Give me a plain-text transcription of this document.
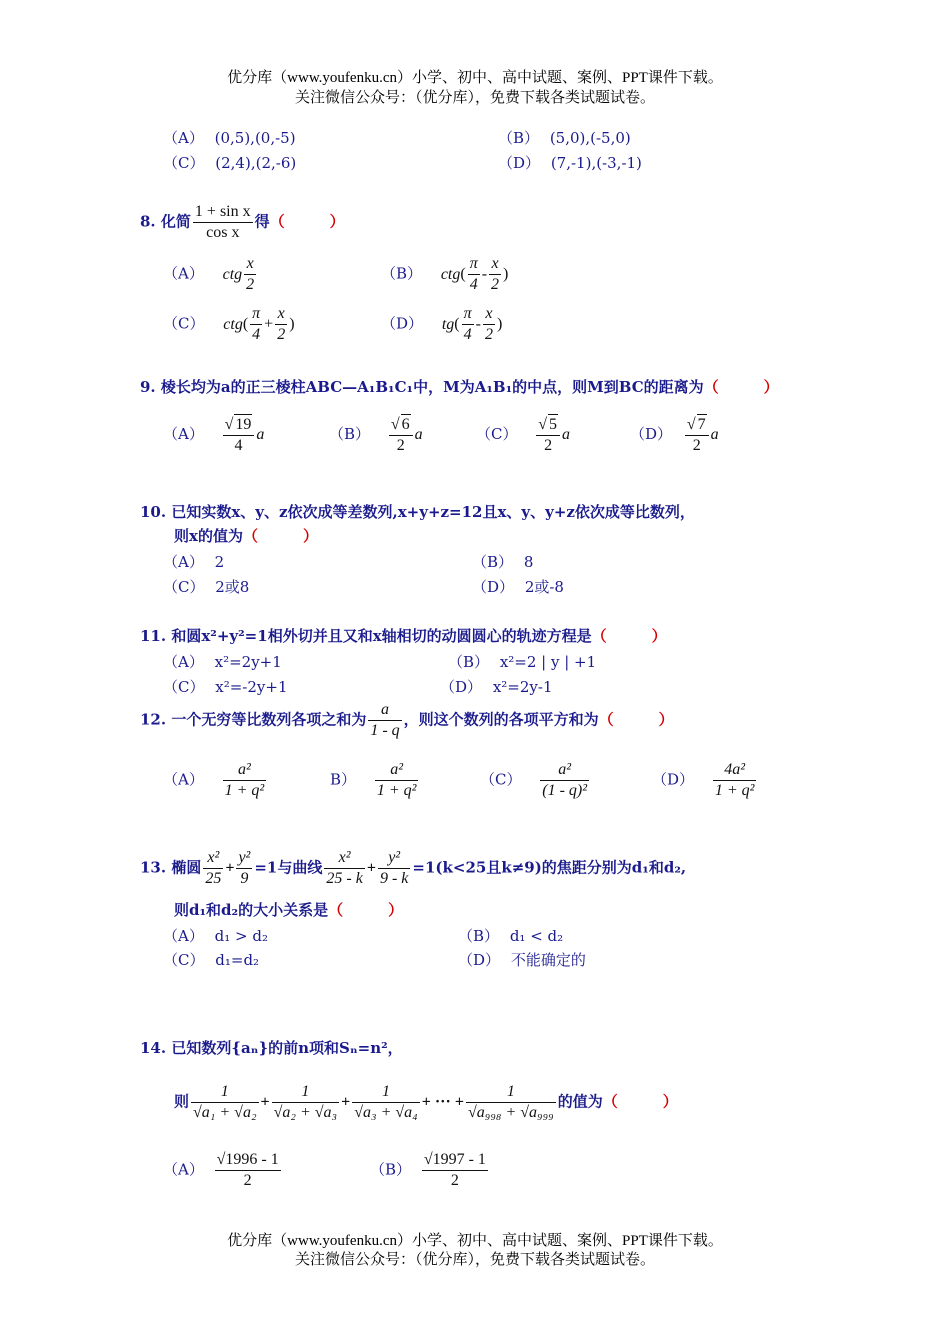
优分库（www.youfenku.cn）小学、初中、高中试题、案例、PPT课件下载。
关注微信公众号：（优分库），免费下载各类试题试卷。
（A） (0,5),(0,-5)	（B） (5,0),(-5,0)
（C） (2,4),(2,-6)	（D） (7,-1),(-3,-1)
8. 化简 $\frac{\text{1 + sin x}}{\text{cos x}}$ 得（　　　）
（A） ctg $\frac{x}{2}$	（B） $ctg( \frac{\pi}{4} - \frac{x}{2}$ )
（C） $ctg( \frac{\pi}{4} + \frac{x}{2}$ )	（D） $tg( \frac{\pi}{4} - \frac{x}{2}$ )
9. 棱长均为a的正三棱柱ABC—A₁B₁C₁中，M为A₁B₁的中点，则M到BC的距离为（　　　）
$(A) \frac{√ 19}{4}$ a	$(B) \frac{√ 6}{2}$ a	$(C) \frac{√ 5}{2}$ a	$(D) \frac{√ 7}{2}$ a
10. 已知实数x、y、z依次成等差数列,x+y+z=12且x、y、y+z依次成等比数列，
则x的值为（　　　）
（A） 2	（B） 8
（C） 2或8	（D） 2或-8
11. 和圆x²+y²=1相外切并且又和x轴相切的动圆圆心的轨迹方程是（　　　）
（A） x²=2y+1	（B） x²=2 | y | +1
（C） x²=-2y+1	（D） x²=2y-1
12. 一个无穷等比数列各项之和为 $\frac{a}{1 - q}$ ，则这个数列的各项平方和为（　　　）
$(A) \frac{\text{a²}}{\text{1 + q²}}$	$B) \frac{\text{a²}}{\text{1 + q²}}$	$(C) \frac{\text{a²}}{\text{(1 - q)²}}$	$(D) \frac{\text{4a²}}{\text{1 + q²}}$
13. 椭圆 $\frac{\text{x²}}{25} + \frac{\text{y²}}{9} =1$与曲线 $\frac{\text{x²}}{25 - k} + \frac{\text{y²}}{9 - k} =1(k<25$且k≠9)的焦距分别为d₁和d₂,
则d₁和d₂的大小关系是（　　　）
（A） d₁ > d₂	（B） d₁ < d₂
（C） d₁=d₂	（D） 不能确定的
14. 已知数列{aₙ}的前n项和Sₙ=n²，
则 $\frac{1}{\text{√a₁ + √a₂}} + \frac{1}{\text{√a₂ + √a₃}} + \frac{1}{\text{√a₃ + √a₄}}$ + ··· + $\frac{1}{\text{√a₉₉₈ + √a₉₉₉}}$ 的值为（　　　）
$(A) \frac{√1996 - 1}{2}$	$(B) \frac{√1997 - 1}{2}$
优分库（www.youfenku.cn）小学、初中、高中试题、案例、PPT课件下载。
关注微信公众号：（优分库），免费下载各类试题试卷。
